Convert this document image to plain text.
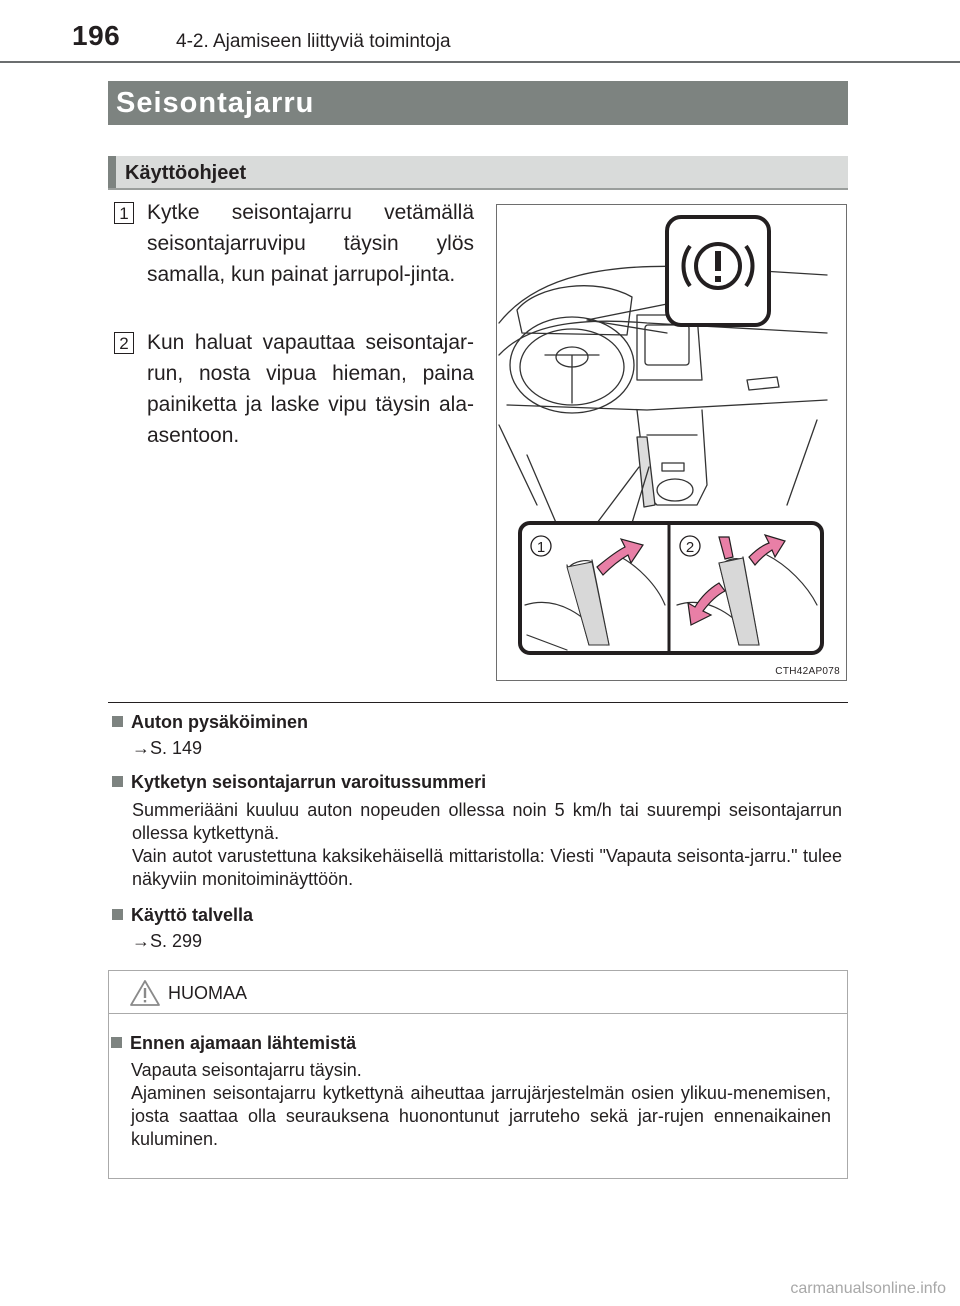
196	4-2. Ajamiseen liittyviä toimintoja
Seisontajarru
Käyttöohjeet
1 Kytke seisontajarru vetämällä seisontajarruvipu täysin ylös samalla, kun painat jarrupol-jinta.
2 Kun haluat vapauttaa seisontajar-run, nosta vipua hieman, paina painiketta ja laske vipu täysin ala-asentoon.
1	2
CTH42AP078
Auton pysäköiminen
→S. 149
Kytketyn seisontajarrun varoitussummeri
Summeriääni kuuluu auton nopeuden ollessa noin 5 km/h tai suurempi seisontajarrun ollessa kytkettynä.
Vain autot varustettuna kaksikehäisellä mittaristolla: Viesti "Vapauta seisonta-jarru." tulee näkyviin monitoiminäyttöön.
Käyttö talvella
→S. 299
HUOMAA
Ennen ajamaan lähtemistä
Vapauta seisontajarru täysin.
Ajaminen seisontajarru kytkettynä aiheuttaa jarrujärjestelmän osien ylikuu-menemisen, josta saattaa olla seurauksena huonontunut jarruteho sekä jar-rujen ennenaikainen kuluminen.
carmanualsonline.info
